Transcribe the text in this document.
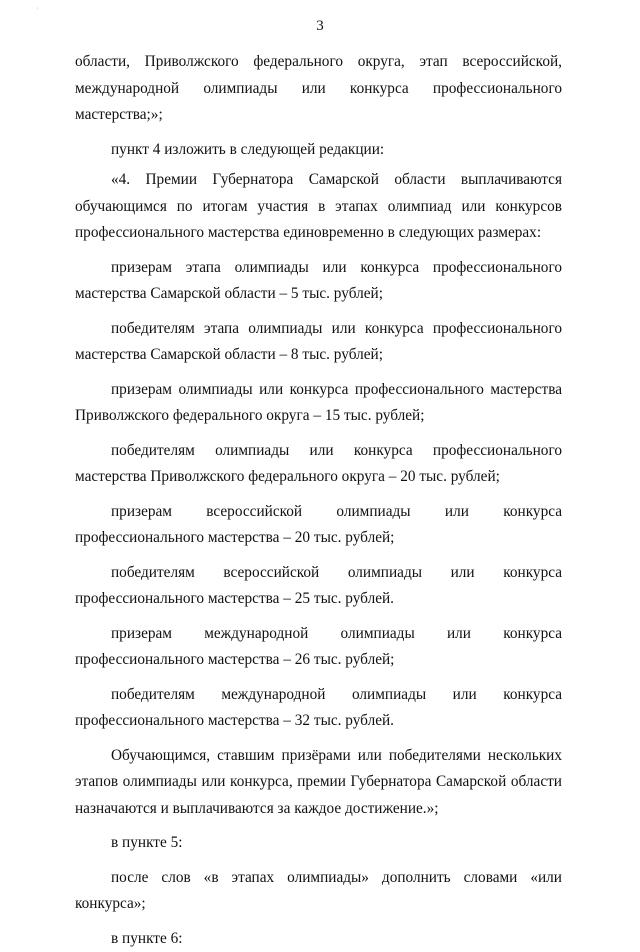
˙
3

области, Приволжского федерального округа, этап всероссийской, международной олимпиады или конкурса профессионального мастерства;»;

пункт 4 изложить в следующей редакции:

«4. Премии Губернатора Самарской области выплачиваются обучающимся по итогам участия в этапах олимпиад или конкурсов профессионального мастерства единовременно в следующих размерах:

призерам этапа олимпиады или конкурса профессионального мастерства Самарской области – 5 тыс. рублей;

победителям этапа олимпиады или конкурса профессионального мастерства Самарской области – 8 тыс. рублей;

призерам олимпиады или конкурса профессионального мастерства Приволжского федерального округа – 15 тыс. рублей;

победителям олимпиады или конкурса профессионального мастерства Приволжского федерального округа – 20 тыс. рублей;

призерам всероссийской олимпиады или конкурса профессионального мастерства – 20 тыс. рублей;

победителям всероссийской олимпиады или конкурса профессионального мастерства – 25 тыс. рублей.

призерам международной олимпиады или конкурса профессионального мастерства – 26 тыс. рублей;

победителям международной олимпиады или конкурса профессионального мастерства – 32 тыс. рублей.

Обучающимся, ставшим призёрами или победителями нескольких этапов олимпиады или конкурса, премии Губернатора Самарской области назначаются и выплачиваются за каждое достижение.»;

в пункте 5:

после слов «в этапах олимпиады» дополнить словами «или конкурса»;

в пункте 6:
